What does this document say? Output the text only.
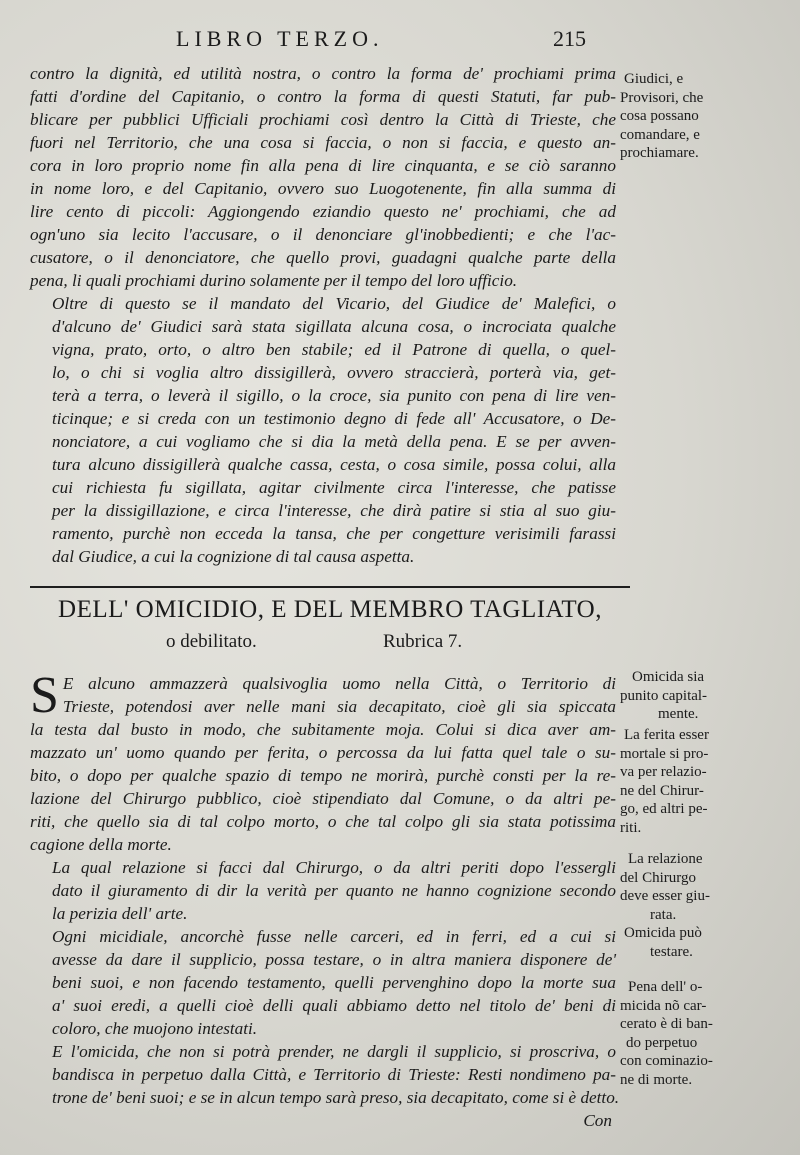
LIBRO TERZO.	215

contro la dignità, ed utilità nostra, o contro la forma de' prochiami prima
fatti d'ordine del Capitanio, o contro la forma di questi Statuti, far pub-
blicare per pubblici Ufficiali prochiami così dentro la Città di Trieste, che
fuori nel Territorio, che una cosa si faccia, o non si faccia, e questo an-
cora in loro proprio nome fin alla pena di lire cinquanta, e se ciò saranno
in nome loro, e del Capitanio, ovvero suo Luogotenente, fin alla summa di
lire cento di piccoli: Aggiongendo eziandio questo ne' prochiami, che ad
ogn'uno sia lecito l'accusare, o il denonciare gl'inobbedienti; e che l'ac-
cusatore, o il denonciatore, che quello provi, guadagni qualche parte della
pena, li quali prochiami durino solamente per il tempo del loro ufficio.

Oltre di questo se il mandato del Vicario, del Giudice de' Malefici, o
d'alcuno de' Giudici sarà stata sigillata alcuna cosa, o incrociata qualche
vigna, prato, orto, o altro ben stabile; ed il Patrone di quella, o quel-
lo, o chi si voglia altro dissigillerà, ovvero straccierà, porterà via, get-
terà a terra, o leverà il sigillo, o la croce, sia punito con pena di lire ven-
ticinque; e si creda con un testimonio degno di fede all' Accusatore, o De-
nonciatore, a cui vogliamo che si dia la metà della pena. E se per avven-
tura alcuno dissigillerà qualche cassa, cesta, o cosa simile, possa colui, alla
cui richiesta fu sigillata, agitar civilmente circa l'interesse, che patisse
per la dissigillazione, e circa l'interesse, che dirà patire si stia al suo giu-
ramento, purchè non ecceda la tansa, che per congetture verisimili farassi
dal Giudice, a cui la cognizione di tal causa aspetta.

Giudici, e
Provisori, che
cosa possano
comandare, e
prochiamare.
DELL' OMICIDIO, E DEL MEMBRO TAGLIATO,
o debilitato.	Rubrica 7.

S E alcuno ammazzerà qualsivoglia uomo nella Città, o Territorio di
Trieste, potendosi aver nelle mani sia decapitato, cioè gli sia spiccata
la testa dal busto in modo, che subitamente moja. Colui si dica aver am-
mazzato un' uomo quando per ferita, o percossa da lui fatta quel tale o su-
bito, o dopo per qualche spazio di tempo ne morirà, purchè consti per la re-
lazione del Chirurgo pubblico, cioè stipendiato dal Comune, o da altri pe-
riti, che quello sia di tal colpo morto, o che tal colpo gli sia stata potissima
cagione della morte.

La qual relazione si facci dal Chirurgo, o da altri periti dopo l'essergli
dato il giuramento di dir la verità per quanto ne hanno cognizione secondo
la perizia dell' arte.

Ogni micidiale, ancorchè fusse nelle carceri, ed in ferri, ed a cui si
avesse da dare il supplicio, possa testare, o in altra maniera disponere de'
beni suoi, e non facendo testamento, quelli pervenghino dopo la morte sua
a' suoi eredi, a quelli cioè delli quali abbiamo detto nel titolo de' beni di
coloro, che muojono intestati.

E l'omicida, che non si potrà prender, ne dargli il supplicio, si proscriva, o
bandisca in perpetuo dalla Città, e Territorio di Trieste: Resti nondimeno pa-
trone de' beni suoi; e se in alcun tempo sarà preso, sia decapitato, come si è detto.

Con
Omicida sia
punito capital-
mente.
La ferita esser
mortale si pro-
va per relazio-
ne del Chirur-
go, ed altri pe-
riti.
La relazione
del Chirurgo
deve esser giu-
rata.
Omicida può
testare.
Pena dell' o-
micida nõ car-
cerato è di ban-
do perpetuo
con cominazio-
ne di morte.
